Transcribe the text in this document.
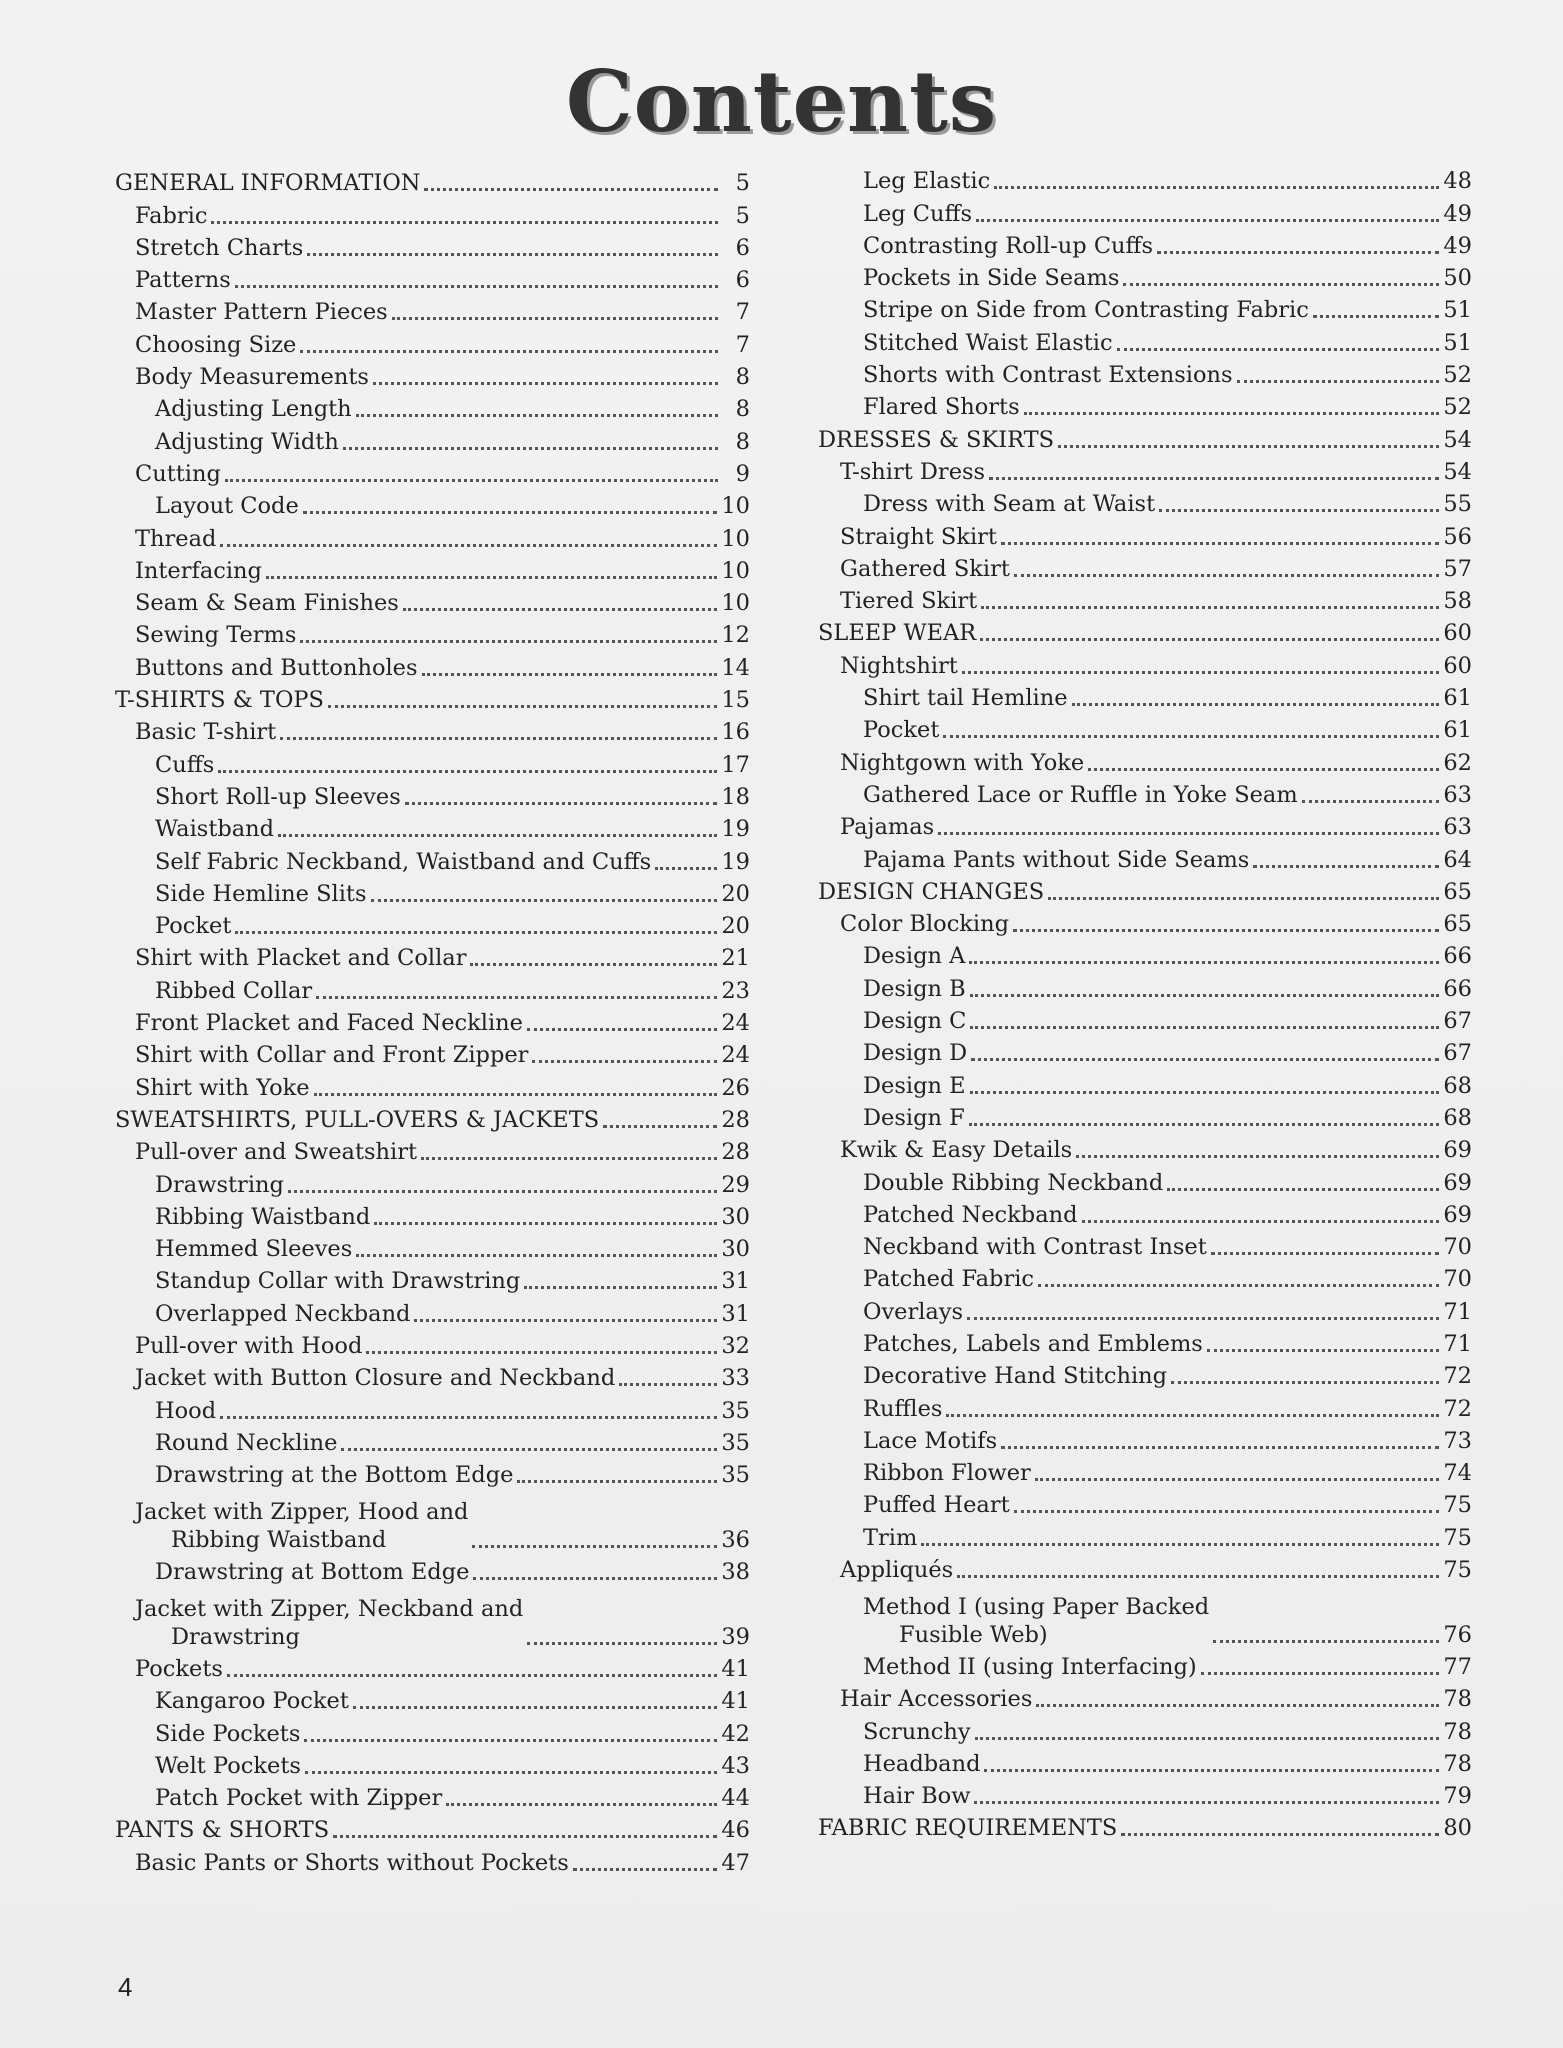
Contents
GENERAL INFORMATION	5
Fabric	5
Stretch Charts	6
Patterns	6
Master Pattern Pieces	7
Choosing Size	7
Body Measurements	8
Adjusting Length	8
Adjusting Width	8
Cutting	9
Layout Code	10
Thread	10
Interfacing	10
Seam & Seam Finishes	10
Sewing Terms	12
Buttons and Buttonholes	14
T-SHIRTS & TOPS	15
Basic T-shirt	16
Cuffs	17
Short Roll-up Sleeves	18
Waistband	19
Self Fabric Neckband, Waistband and Cuffs	19
Side Hemline Slits	20
Pocket	20
Shirt with Placket and Collar	21
Ribbed Collar	23
Front Placket and Faced Neckline	24
Shirt with Collar and Front Zipper	24
Shirt with Yoke	26
SWEATSHIRTS, PULL-OVERS & JACKETS	28
Pull-over and Sweatshirt	28
Drawstring	29
Ribbing Waistband	30
Hemmed Sleeves	30
Standup Collar with Drawstring	31
Overlapped Neckband	31
Pull-over with Hood	32
Jacket with Button Closure and Neckband	33
Hood	35
Round Neckline	35
Drawstring at the Bottom Edge	35
Jacket with Zipper, Hood and
Ribbing Waistband	36
Drawstring at Bottom Edge	38
Jacket with Zipper, Neckband and
Drawstring	39
Pockets	41
Kangaroo Pocket	41
Side Pockets	42
Welt Pockets	43
Patch Pocket with Zipper	44
PANTS & SHORTS	46
Basic Pants or Shorts without Pockets	47
Leg Elastic	48
Leg Cuffs	49
Contrasting Roll-up Cuffs	49
Pockets in Side Seams	50
Stripe on Side from Contrasting Fabric	51
Stitched Waist Elastic	51
Shorts with Contrast Extensions	52
Flared Shorts	52
DRESSES & SKIRTS	54
T-shirt Dress	54
Dress with Seam at Waist	55
Straight Skirt	56
Gathered Skirt	57
Tiered Skirt	58
SLEEP WEAR	60
Nightshirt	60
Shirt tail Hemline	61
Pocket	61
Nightgown with Yoke	62
Gathered Lace or Ruffle in Yoke Seam	63
Pajamas	63
Pajama Pants without Side Seams	64
DESIGN CHANGES	65
Color Blocking	65
Design A	66
Design B	66
Design C	67
Design D	67
Design E	68
Design F	68
Kwik & Easy Details	69
Double Ribbing Neckband	69
Patched Neckband	69
Neckband with Contrast Inset	70
Patched Fabric	70
Overlays	71
Patches, Labels and Emblems	71
Decorative Hand Stitching	72
Ruffles	72
Lace Motifs	73
Ribbon Flower	74
Puffed Heart	75
Trim	75
Appliqués	75
Method I (using Paper Backed
Fusible Web)	76
Method II (using Interfacing)	77
Hair Accessories	78
Scrunchy	78
Headband	78
Hair Bow	79
FABRIC REQUIREMENTS	80
4
